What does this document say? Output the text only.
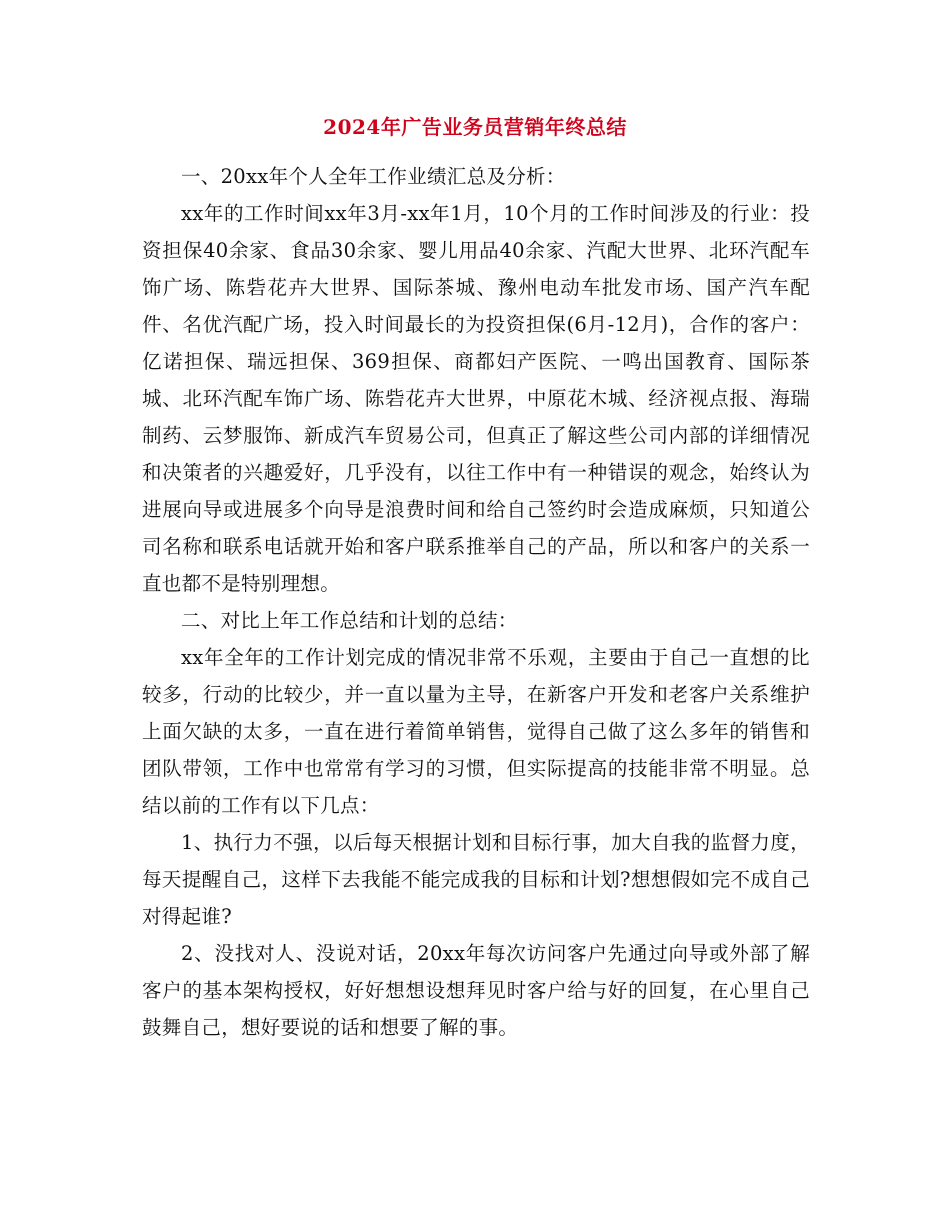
2024年广告业务员营销年终总结

一、20xx年个人全年工作业绩汇总及分析：

xx年的工作时间xx年3月-xx年1月，10个月的工作时间涉及的行业：投资担保40余家、食品30余家、婴儿用品40余家、汽配大世界、北环汽配车饰广场、陈砦花卉大世界、国际茶城、豫州电动车批发市场、国产汽车配件、名优汽配广场，投入时间最长的为投资担保(6月-12月)，合作的客户：亿诺担保、瑞远担保、369担保、商都妇产医院、一鸣出国教育、国际茶城、北环汽配车饰广场、陈砦花卉大世界，中原花木城、经济视点报、海瑞制药、云梦服饰、新成汽车贸易公司，但真正了解这些公司内部的详细情况和决策者的兴趣爱好，几乎没有，以往工作中有一种错误的观念，始终认为进展向导或进展多个向导是浪费时间和给自己签约时会造成麻烦，只知道公司名称和联系电话就开始和客户联系推举自己的产品，所以和客户的关系一直也都不是特别理想。

二、对比上年工作总结和计划的总结：

xx年全年的工作计划完成的情况非常不乐观，主要由于自己一直想的比较多，行动的比较少，并一直以量为主导，在新客户开发和老客户关系维护上面欠缺的太多，一直在进行着简单销售，觉得自己做了这么多年的销售和团队带领，工作中也常常有学习的习惯，但实际提高的技能非常不明显。总结以前的工作有以下几点：

1、执行力不强，以后每天根据计划和目标行事，加大自我的监督力度，每天提醒自己，这样下去我能不能完成我的目标和计划?想想假如完不成自己对得起谁?

2、没找对人、没说对话，20xx年每次访问客户先通过向导或外部了解客户的基本架构授权，好好想想设想拜见时客户给与好的回复，在心里自己鼓舞自己，想好要说的话和想要了解的事。
